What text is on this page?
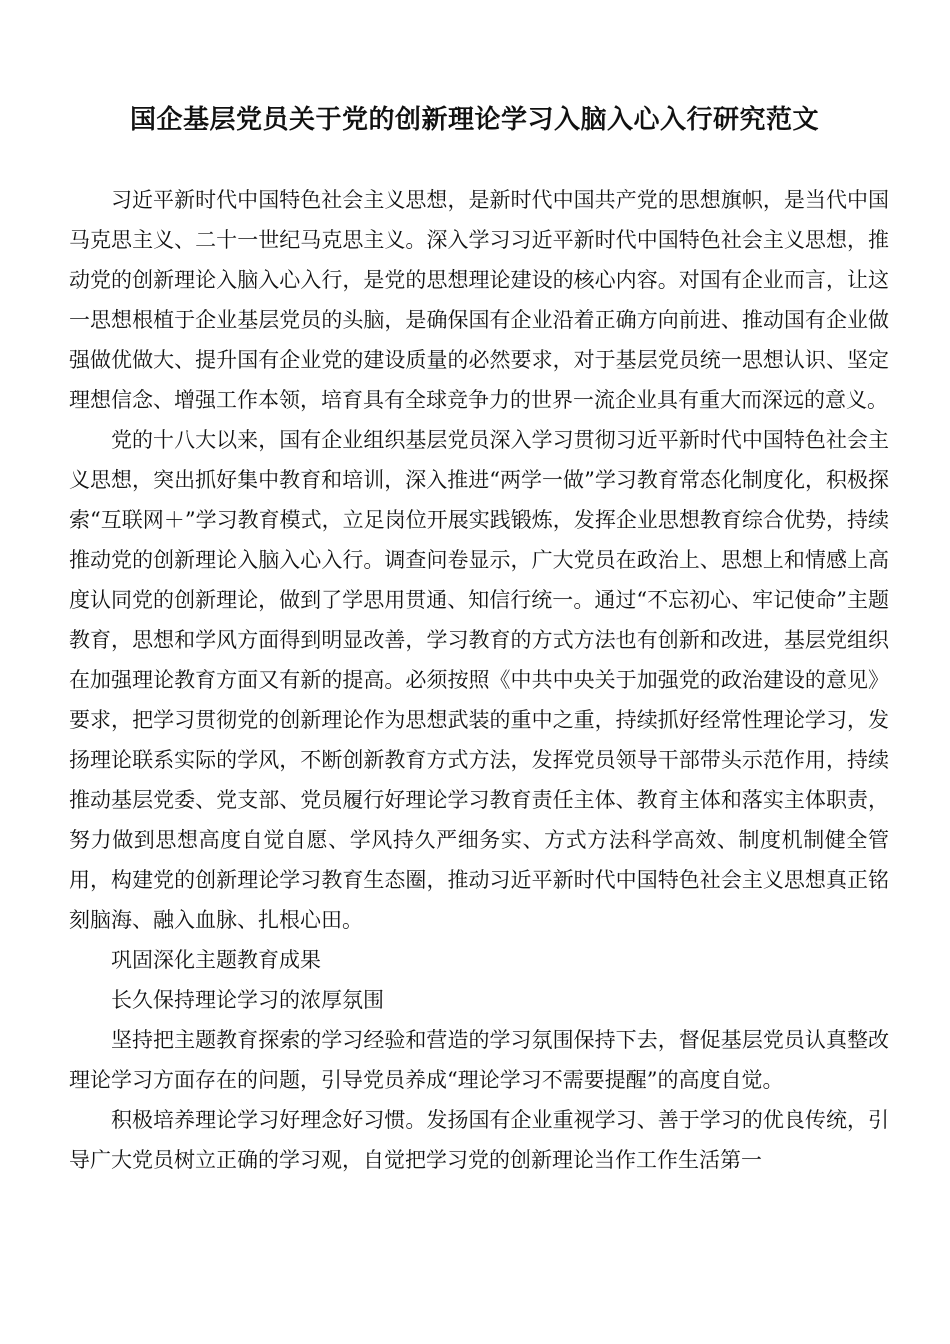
国企基层党员关于党的创新理论学习入脑入心入行研究范文

习近平新时代中国特色社会主义思想，是新时代中国共产党的思想旗帜，是当代中国马克思主义、二十一世纪马克思主义。深入学习习近平新时代中国特色社会主义思想，推动党的创新理论入脑入心入行，是党的思想理论建设的核心内容。对国有企业而言，让这一思想根植于企业基层党员的头脑，是确保国有企业沿着正确方向前进、推动国有企业做强做优做大、提升国有企业党的建设质量的必然要求，对于基层党员统一思想认识、坚定理想信念、增强工作本领，培育具有全球竞争力的世界一流企业具有重大而深远的意义。

党的十八大以来，国有企业组织基层党员深入学习贯彻习近平新时代中国特色社会主义思想，突出抓好集中教育和培训，深入推进“两学一做”学习教育常态化制度化，积极探索“互联网＋”学习教育模式，立足岗位开展实践锻炼，发挥企业思想教育综合优势，持续推动党的创新理论入脑入心入行。调查问卷显示，广大党员在政治上、思想上和情感上高度认同党的创新理论，做到了学思用贯通、知信行统一。通过“不忘初心、牢记使命”主题教育，思想和学风方面得到明显改善，学习教育的方式方法也有创新和改进，基层党组织在加强理论教育方面又有新的提高。必须按照《中共中央关于加强党的政治建设的意见》要求，把学习贯彻党的创新理论作为思想武装的重中之重，持续抓好经常性理论学习，发扬理论联系实际的学风，不断创新教育方式方法，发挥党员领导干部带头示范作用，持续推动基层党委、党支部、党员履行好理论学习教育责任主体、教育主体和落实主体职责，努力做到思想高度自觉自愿、学风持久严细务实、方式方法科学高效、制度机制健全管用，构建党的创新理论学习教育生态圈，推动习近平新时代中国特色社会主义思想真正铭刻脑海、融入血脉、扎根心田。

巩固深化主题教育成果

长久保持理论学习的浓厚氛围

坚持把主题教育探索的学习经验和营造的学习氛围保持下去，督促基层党员认真整改理论学习方面存在的问题，引导党员养成“理论学习不需要提醒”的高度自觉。

积极培养理论学习好理念好习惯。发扬国有企业重视学习、善于学习的优良传统，引导广大党员树立正确的学习观，自觉把学习党的创新理论当作工作生活第一
